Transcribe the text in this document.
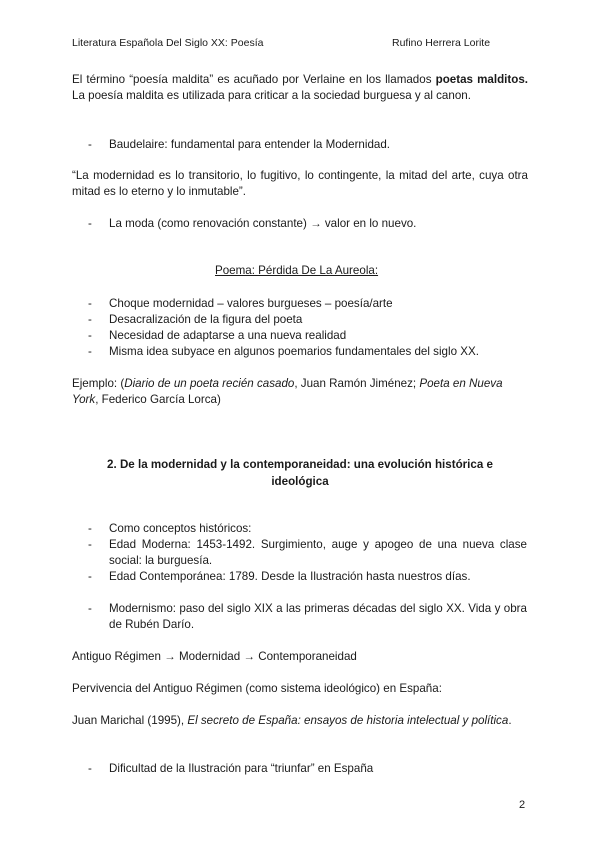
Literatura Española Del Siglo XX: Poesía	Rufino Herrera Lorite
El término “poesía maldita” es acuñado por Verlaine en los llamados poetas malditos. La poesía maldita es utilizada para criticar a la sociedad burguesa y al canon.
- Baudelaire: fundamental para entender la Modernidad.
“La modernidad es lo transitorio, lo fugitivo, lo contingente, la mitad del arte, cuya otra mitad es lo eterno y lo inmutable”.
- La moda (como renovación constante) → valor en lo nuevo.
Poema: Pérdida De La Aureola:
- Choque modernidad – valores burgueses – poesía/arte
- Desacralización de la figura del poeta
- Necesidad de adaptarse a una nueva realidad
- Misma idea subyace en algunos poemarios fundamentales del siglo XX.
Ejemplo: (Diario de un poeta recién casado, Juan Ramón Jiménez; Poeta en Nueva York, Federico García Lorca)
2. De la modernidad y la contemporaneidad: una evolución histórica e
ideológica
- Como conceptos históricos:
- Edad Moderna: 1453-1492. Surgimiento, auge y apogeo de una nueva clase social: la burguesía.
- Edad Contemporánea: 1789. Desde la Ilustración hasta nuestros días.
- Modernismo: paso del siglo XIX a las primeras décadas del siglo XX. Vida y obra de Rubén Darío.
Antiguo Régimen → Modernidad → Contemporaneidad
Pervivencia del Antiguo Régimen (como sistema ideológico) en España:
Juan Marichal (1995), El secreto de España: ensayos de historia intelectual y política.
- Dificultad de la Ilustración para “triunfar” en España
2
